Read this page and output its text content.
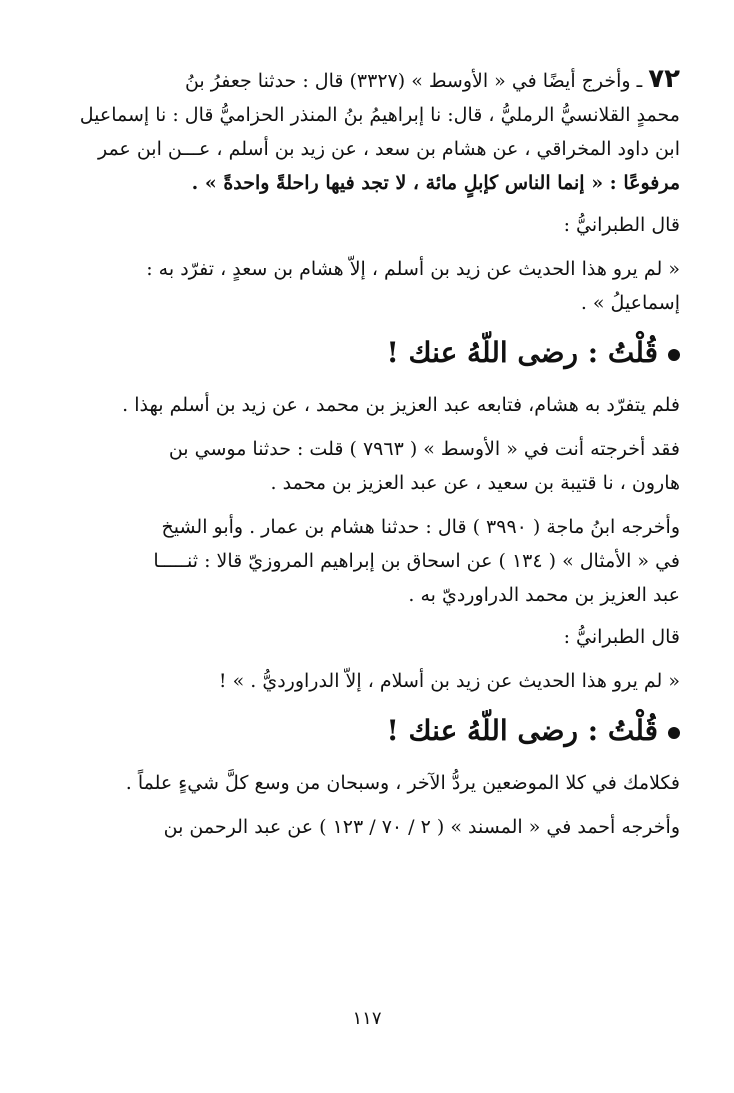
٧٢ ـ وأخرج أيضًا في « الأوسط » (٣٣٢٧) قال : حدثنا جعفرُ بنُ

محمدٍ القلانسيُّ الرمليُّ ، قال: نا إبراهيمُ بنُ المنذر الحزاميُّ قال : نا إسماعيل

ابن داود المخراقي ، عن هشام بن سعد ، عن زيد بن أسلم ، عـــن ابن عمر

مرفوعًا : « إنما الناس كإبلٍ مائة ، لا تجد فيها راحلةً واحدةً » .

قال الطبرانيُّ :

« لم يرو هذا الحديث عن زيد بن أسلم ، إلاّ هشام بن سعدٍ ، تفرّد به :

إسماعيلُ » .

قُلْتُ : رضى اللّهُ عنك !

فلم يتفرّد به هشام، فتابعه عبد العزيز بن محمد ، عن زيد بن أسلم بهذا .

فقد أخرجته أنت في « الأوسط » ( ٧٩٦٣ ) قلت : حدثنا موسي بن

هارون ، نا قتيبة بن سعيد ، عن عبد العزيز بن محمد .

وأخرجه ابنُ ماجة ( ٣٩٩٠ ) قال : حدثنا هشام بن عمار . وأبو الشيخ

في « الأمثال » ( ١٣٤ ) عن اسحاق بن إبراهيم المروزيّ قالا : ثنـــــا

عبد العزيز بن محمد الدراورديّ به .

قال الطبرانيُّ :

« لم يرو هذا الحديث عن زيد بن أسلام ، إلاّ الدراورديُّ . » !

قُلْتُ : رضى اللّهُ عنك !

فكلامك في كلا الموضعين يردُّ الآخر ، وسبحان من وسع كلَّ شيءٍ علماً .

وأخرجه أحمد في « المسند » ( ٢ / ٧٠ / ١٢٣ ) عن عبد الرحمن بن

١١٧
